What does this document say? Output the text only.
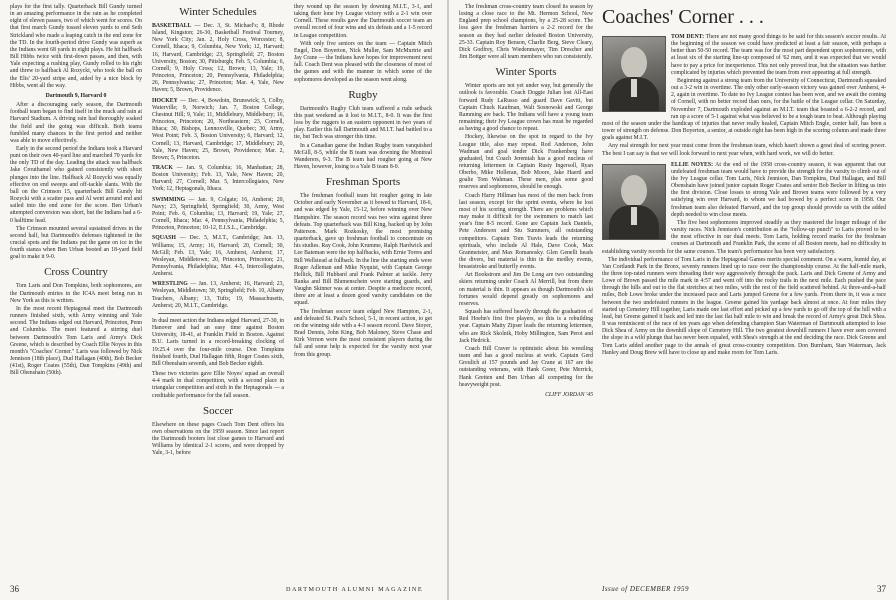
plays for the first tally. Quarterback Bill Gundy turned in an amazing performance in the rain as he completed eight of eleven passes, two of which went for scores. On that first march Gundy tossed eleven yards to end Seth Strickland who made a leaping catch in the end zone for the TD. In the fourth-period drive Gundy was superb as the Indians went 68 yards in eight plays. He hit halfback Bill Hibbs twice with first-down passes, and then, with Yale expecting a rushing play, Gundy rolled to his right and threw to halfback Al Rozycki, who took the ball on the Elis' 20-yard stripe and, aided by a nice block by Hibbs, went all the way.

Dartmouth 9, Harvard 0

After a discouraging early season, the Dartmouth football team began to find itself in the muck and rain at Harvard Stadium. A driving rain had thoroughly soaked the field and the going was difficult. Both teams fumbled many chances in the first period and neither was able to move effectively.

Early in the second period the Indians took a Harvard punt on their own 40-yard line and marched 70 yards for the only TD of the day. Leading the attack was halfback Jake Crouthamel who gained consistently with short plunges into the line. Halfback Al Rozycki was equally effective on end sweeps and off-tackle slants. With the ball on the Crimson 15, quarterback Bill Gundy hit Rozycki with a scatter pass and Al went around end and sailed into the end zone for the score. Ben Urban's attempted conversion was short, but the Indians had a 6-0 halftime lead.

The Crimson mounted several sustained drives in the second half, but Dartmouth's defenses tightened in the crucial spots and the Indians put the game on ice in the fourth stanza when Ben Urban booted an 18-yard field goal to make it 9-0.

Cross Country

Tom Laris and Don Tompkins, both sophomores, are the Dartmouth entries in the IC4A meet being run in New York as this is written.

In the most recent Heptagonal meet the Dartmouth runners finished sixth, with Army winning and Yale second. The Indians edged out Harvard, Princeton, Penn and Columbia. The meet featured a stirring duel between Dartmouth's Tom Laris and Army's Dick Greene, which is described by Coach Ellie Noyes in this month's "Coaches' Corner." Laris was followed by Nick Jennison (18th place), Dud Hallagan (40th), Bob Becker (41st), Roger Coates (55th), Dan Tompkins (49th) and Bill Obenshain (50th).

Winter Schedules

BASKETBALL — Dec. 3, St. Michael's; 8, Rhode Island, Kingston; 26-30, Basketball Festival Tourney, New York City; Jan. 2, Holy Cross, Worcester; 8, Cornell, Ithaca; 9, Columbia, New York; 12, Harvard; 16, Harvard, Cambridge; 23, Springfield; 27, Boston University, Boston; 30, Pittsburgh; Feb. 5, Columbia; 6, Cornell; 9, Holy Cross; 12, Brown; 13, Yale; 19, Princeton, Princeton; 20, Pennsylvania, Philadelphia; 26, Pennsylvania; 27, Princeton; Mar. 4, Yale, New Haven; 5, Brown, Providence.

HOCKEY — Dec. 4, Bowdoin, Brunswick; 5, Colby, Waterville; 9, Norwich; Jan. 7, Boston College, Chestnut Hill; 9, Yale; 11, Middlebury, Middlebury; 16, Princeton, Princeton; 20, Northeastern; 23, Cornell, Ithaca; 30, Bishops, Lennoxville, Quebec; 30, Army, West Point; Feb. 3, Boston University; 6, Harvard; 12, Cornell; 13, Harvard, Cambridge; 17, Middlebury; 20, Yale, New Haven; 25, Brown, Providence; Mar. 2, Brown; 5, Princeton.

TRACK — Jan. 9, Columbia; 16, Manhattan; 28, Boston University; Feb. 13, Yale, New Haven; 20, Harvard; 27, Cornell; Mar. 5, Intercollegiates, New York; 12, Heptagonals, Ithaca.

SWIMMING — Jan. 9, Colgate; 16, Amherst; 20, Navy; 23, Springfield, Springfield; 30, Army, West Point; Feb. 6, Columbia; 13, Harvard; 19, Yale; 27, Cornell, Ithaca; Mar. 4, Pennsylvania, Philadelphia; 5, Princeton, Princeton; 10-12, E.I.S.L., Cambridge.

SQUASH — Dec. 5, M.I.T., Cambridge; Jan. 13, Williams; 15, Army; 16, Harvard; 20, Cornell; 30, McGill; Feb. 13, Yale; 16, Amherst, Amherst; 17, Wesleyan, Middletown; 20, Princeton, Princeton; 21, Pennsylvania, Philadelphia; Mar. 4-5, Intercollegiates, Amherst.

WRESTLING — Jan. 13, Amherst; 16, Harvard; 23, Wesleyan, Middletown; 30, Springfield; Feb. 10, Albany Teachers, Albany; 13, Tufts; 19, Massachusetts, Amherst; 20, M.I.T., Cambridge.

In dual meet action the Indians edged Harvard, 27-30, in Hanover and had an easy time against Boston University, 18-41, at Franklin Field in Boston. Against B.U. Laris turned in a record-breaking clocking of 19:25.4 over the four-mile course. Don Tompkins finished fourth, Dud Hallagan fifth, Roger Coates sixth, Bill Obenshain seventh, and Bob Becker eighth.

These two victories gave Ellie Noyes' squad an overall 4-4 mark in dual competition, with a second place in triangular competition and sixth in the Heptagonals — a creditable performance for the fall season.

Soccer

Elsewhere on these pages Coach Tom Dent offers his own observations on the 1959 season. Since last report the Dartmouth booters lost close games to Harvard and Williams by identical 2-1 scores, and were dropped by Yale, 3-1, before

they wound up the season by downing M.I.T., 3-1, and taking their lone Ivy League victory with a 2-1 win over Cornell. These results gave the Dartmouth soccer team an overall record of four wins and six defeats and a 1-5 record in League competition.

With only five seniors on the team — Captain Mitch Engel, Don Boyerton, Nick Muller, Sam McMurtrie and Jay Crane — the Indians have hopes for improvement next fall. Coach Dent was pleased with the closeness of most of the games and with the manner in which some of the sophomores developed as the season went along.

Rugby

Dartmouth's Rugby Club team suffered a rude setback this past weekend as it lost to M.I.T., 8-0. It was the first loss by the ruggers to an eastern opponent in two years of play. Earlier this fall Dartmouth and M.I.T. had battled to a tie, but Tech was stronger this time.

In a Canadian game the Indian Rugby team vanquished McGill, 8-5, while the B team was downing the Montreal Wanderers, 9-3. The B team had rougher going at New Haven, however, losing to a Yale B team 8-0.

Freshman Sports

The freshman football team hit rougher going in late October and early November as it bowed to Harvard, 18-6, and was edged by Yale, 15-12, before winning over New Hampshire. The season record was two wins against three defeats. Top quarterback was Bill King, backed up by John Patterson. Mark Rozkosky, the most promising quarterback, gave up freshman football to concentrate on his studies. Ray Cook, John Krumme, Ralph Hardwick and Lee Bateman were the top halfbacks, with Ernie Torres and Bill Wellstead at fullback. In the line the starting ends were Roger Adleman and Mike Nyquist, with Captain George Hellick, Bill Hubbard and Frank Palmer at tackle. Jerry Ranka and Bill Blumenschein were starting guards, and Vaughn Skinner was at center. Despite a mediocre record, there are at least a dozen good varsity candidates on the squad.

The freshman soccer team edged New Hampton, 2-1, and defeated St. Paul's School, 5-1, in recent action, to get on the winning side with a 4-3 season record. Dave Stoyer, Brad Dennis, John King, Bob Maloney, Steve Chase and Kirk Vernon were the most consistent players during the fall and some help is expected for the varsity next year from this group.

36	DARTMOUTH ALUMNI MAGAZINE

The freshman cross-country team closed its season by losing a close race to the Mt. Hermon School, New England prep school champions, by a 25-28 score. The loss gave the freshman harriers a 2-2 record for the season as they had earlier defeated Boston University, 25-33. Captain Roy Benson, Charlie Berg, Steve Cleary, Dick Godfrey, Chris Wiedenmayer, Tim Drescher and Jim Bottger were all team members who ran consistently.

Winter Sports

Winter sports are not yet under way, but generally the outlook is favorable. Coach Doggie Julian lost All-East forward Rudy LaRusso and guard Dave Gavitt, but Captain Chuck Kaufman, Walt Sosnowski and George Ramming are back. The Indians will have a young team remaining; their Ivy League crown has must be regarded as having a good chance to repeat.

Hockey, likewise on the spot in regard to the Ivy League title, also may repeat. Rod Anderson, John Wadman and goal tender Dick Frankenberg have graduated, but Coach Jeremiah has a good nucleus of returning lettermen in Captain Rusty Ingersoll, Ryan Oberbo, Mike Holleran, Bob Moore, Jake Haertl and goalie Tom Wahman. These men, plus some good reserves and sophomores, should be enough.

Coach Harry Hillman has most of the men back from last season, except for the sprint events, where he lost most of his scoring strength. There are problems which may make it difficult for the swimmers to match last year's fine 8-5 record. Gone are Captain Jack Daniels, Pete Anderson and Stu Summers, all outstanding competitors. Captain Tom Travis leads the returning spirituals, who include Al Hale, Dave Cook, Max Granmeister, and Max Romanosky. Glen Genelli heads the divers, but material is thin in the medley events, breaststroke and butterfly events.

Art Bookstrom and Jim De Long are two outstanding skiers returning under Coach Al Merrill, but from there on material is thin. It appears as though Dartmouth's ski fortunes would depend greatly on sophomores and reserves.

Squash has suffered heavily through the graduation of Red Hoehn's first five players, so this is a rebuilding year. Captain Matty Zipser leads the returning lettermen, who are Rick Skolnik, Hoby Millington, Sam Perot and Jack Hedrick.

Coach Bill Craver is optimistic about his wrestling team and has a good nucleus at work. Captain Gerd Greulich at 157 pounds and Jay Crane at 167 are the outstanding veterans, with Hank Greer, Pete Merrick, Hank Gretten and Ben Urban all competing for the heavyweight post.

CLIFF JORDAN '45
Coaches' Corner . . .

TOM DENT: There are not many good things to be said for this season's soccer results. At the beginning of the season we could have predicted at least a fair season, with perhaps a better than 50-50 record. The team was for the most part dependent upon sophomores, with at least six of the starting line-up composed of '62 men, and it was expected that we would have to pay a price for inexperience. This not only proved true, but the situation was further complicated by injuries which prevented the team from ever appearing at full strength.

Beginning against a strong team from the University of Connecticut, Dartmouth squeaked out a 3-2 win in overtime. The only other early-season victory was gained over Amherst, 4-2, again in overtime. To date no Ivy League contest has been won, and we await the coming of Cornell, with no better record than ours, for the battle of the League cellar. On Saturday, November 7, Dartmouth exploded against an M.I.T. team that boasted a 6-2-2 record, and ran up a score of 5-1 against what was believed to be a tough team to beat. Although playing most of the season under the handicap of injuries that never really healed, Captain Mitch Engle, center half, has been a tower of strength on defense. Don Boyerton, a senior, at outside right has been high in the scoring column and made three goals against M.I.T.

Any real strength for next year must come from the freshman team, which hasn't shown a great deal of scoring power. The best I can say is that we will look forward to next year when, with hard work, we will do better.

ELLIE NOYES: At the end of the 1958 cross-country season, it was apparent that our undefeated freshman team would have to provide the strength for the varsity to climb out of the Ivy League cellar. Tom Laris, Nick Jennison, Dan Tompkins, Dud Hallagan, and Bill Obenshain have joined junior captain Roger Coates and senior Bob Becker in lifting us into the first division. Close losses to strong Yale and Brown teams were followed by a very satisfying win over Harvard, to whom we had bowed by a perfect score in 1958. Our freshman team also defeated Harvard, and the top group should provide us with the added depth needed to win close meets.

The five best sophomores improved steadily as they mastered the longer mileage of the varsity races. Nick Jennison's contribution as the "follow-up punch" to Laris proved to be the most effective in our dual meets. Tom Laris, holding record marks for the freshman courses at Dartmouth and Franklin Park, the scene of all Boston meets, had no difficulty in establishing varsity records for the same courses. The team's performance has been very satisfactory.

The individual performance of Tom Laris in the Heptagonal Games merits special comment. On a warm, humid day, at Van Cortlandt Park in the Bronx, seventy runners lined up to race over the championship course. At the half-mile mark, the three top-rated runners were threading their way aggressively through the pack. Laris and Dick Greene of Army and Lowe of Brown passed the mile mark in 4:57 and went off into the rocky trails in the next mile. Each pushed the pace through the hills and out to the flat stretches at two miles, with the rest of the field scattered behind. At three-and-a-half miles, Bob Lowe broke under the increased pace and Laris jumped Greene for a few yards. From there in, it was a race between the two undefeated runners in the league. Greene gained his yardage back almost at once. At four miles they started up Cemetery Hill together, Laris made one last effort and picked up a few yards to go off the top of the hill with a lead, but Greene gained it back and led into the last flat half mile to win and break the record of Army's great Dick Shea. It was reminiscent of the race of ten years ago when defending champion Stan Waterman of Dartmouth attempted to lose Dick Shea of Army on the downhill slope of Cemetery Hill. The two greatest downhill runners I have ever seen covered the slope in a wild plunge that has never been equaled, with Shea's strength at the end deciding the race. Dick Greene and Tom Laris added another page to the annals of great cross-country competition. Don Burnham, Stan Waterman, Jack Hanley and Doug Brew will have to close up and make room for Tom Laris.

Issue of DECEMBER 1959	37
